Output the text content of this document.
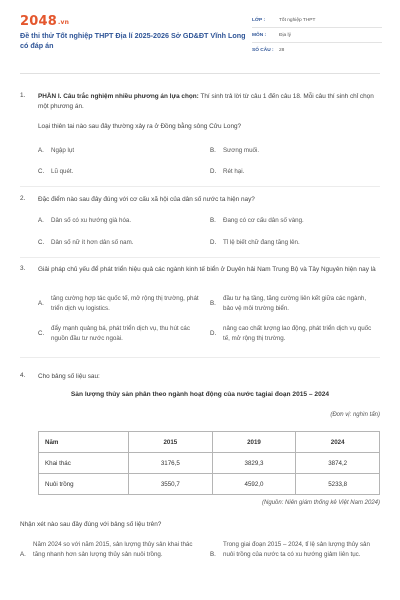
2048.vn
Đề thi thử Tốt nghiệp THPT Địa lí 2025-2026 Sở GD&ĐT Vĩnh Long có đáp án
LỚP :	Tốt nghiệp THPT
MÔN :	Địa lý
SỐ CÂU :	28
1. PHẦN I. Câu trắc nghiệm nhiều phương án lựa chọn: Thí sinh trả lời từ câu 1 đến câu 18. Mỗi câu thí sinh chỉ chọn một phương án.
Loại thiên tai nào sau đây thường xảy ra ở Đồng bằng sông Cửu Long?
A. Ngập lụt	B. Sương muối.
C. Lũ quét.	D. Rét hại.
2. Đặc điểm nào sau đây đúng với cơ cấu xã hội của dân số nước ta hiện nay?
A. Dân số có xu hướng già hóa.	B. Đang có cơ cấu dân số vàng.
C. Dân số nữ ít hơn dân số nam.	D. Tỉ lệ biết chữ đang tăng lên.
3. Giải pháp chủ yếu để phát triển hiệu quả các ngành kinh tế biển ở Duyên hải Nam Trung Bộ và Tây Nguyên hiện nay là
A.
tăng cường hợp tác quốc tế, mở rộng thị trường, phát triển dịch vụ logistics.
B.
đầu tư hạ tầng, tăng cường liên kết giữa các ngành, bảo vệ môi trường biển.
C.
đẩy mạnh quảng bá, phát triển dịch vụ, thu hút các nguồn đầu tư nước ngoài.
D.
nâng cao chất lượng lao động, phát triển dịch vụ quốc tế, mở rộng thị trường.
4. Cho bảng số liệu sau:
Sản lượng thủy sản phân theo ngành hoạt động của nước tagiai đoạn 2015 – 2024
(Đơn vị: nghìn tấn)
Năm	2015	2019	2024
Khai thác	3176,5	3829,3	3874,2
Nuôi trồng	3550,7	4592,0	5233,8
(Nguồn: Niên giám thống kê Việt Nam 2024)
Nhận xét nào sau đây đúng với bảng số liệu trên?
A.
Năm 2024 so với năm 2015, sản lượng thủy sản khai thác tăng nhanh hơn sản lượng thủy sản nuôi trồng.	B.
Trong giai đoạn 2015 – 2024, tỉ lệ sản lượng thủy sản nuôi trồng của nước ta có xu hướng giảm liên tục.
